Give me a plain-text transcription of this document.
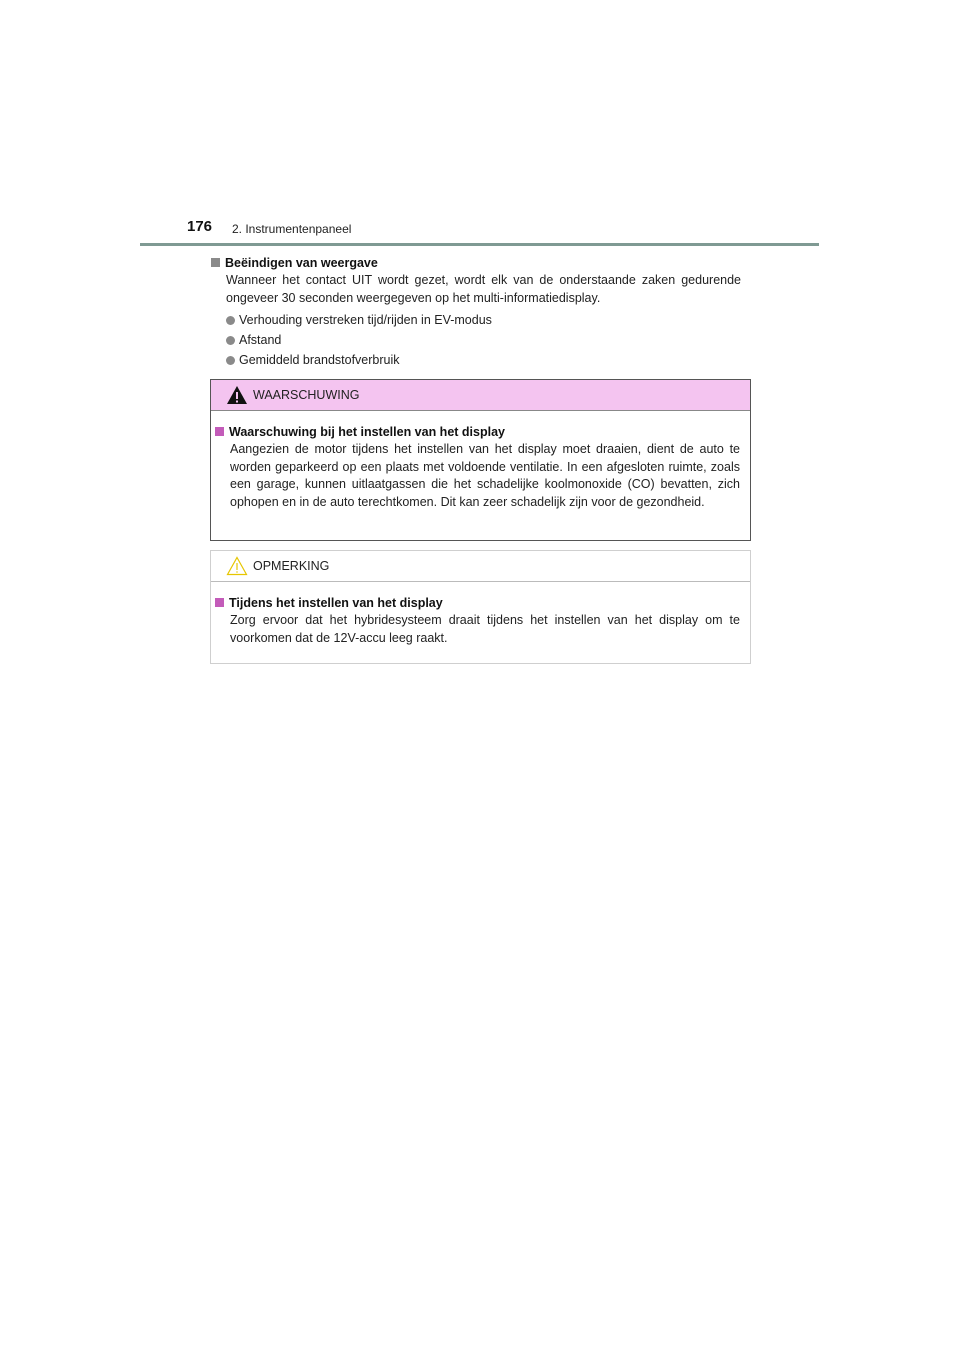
176 2. Instrumentenpaneel
Beëindigen van weergave
Wanneer het contact UIT wordt gezet, wordt elk van de onderstaande zaken gedurende ongeveer 30 seconden weergegeven op het multi-informatiedisplay.
Verhouding verstreken tijd/rijden in EV-modus
Afstand
Gemiddeld brandstofverbruik
WAARSCHUWING
Waarschuwing bij het instellen van het display
Aangezien de motor tijdens het instellen van het display moet draaien, dient de auto te worden geparkeerd op een plaats met voldoende ventilatie. In een afgesloten ruimte, zoals een garage, kunnen uitlaatgassen die het schadelijke koolmonoxide (CO) bevatten, zich ophopen en in de auto terechtkomen. Dit kan zeer schadelijk zijn voor de gezondheid.
OPMERKING
Tijdens het instellen van het display
Zorg ervoor dat het hybridesysteem draait tijdens het instellen van het display om te voorkomen dat de 12V-accu leeg raakt.
